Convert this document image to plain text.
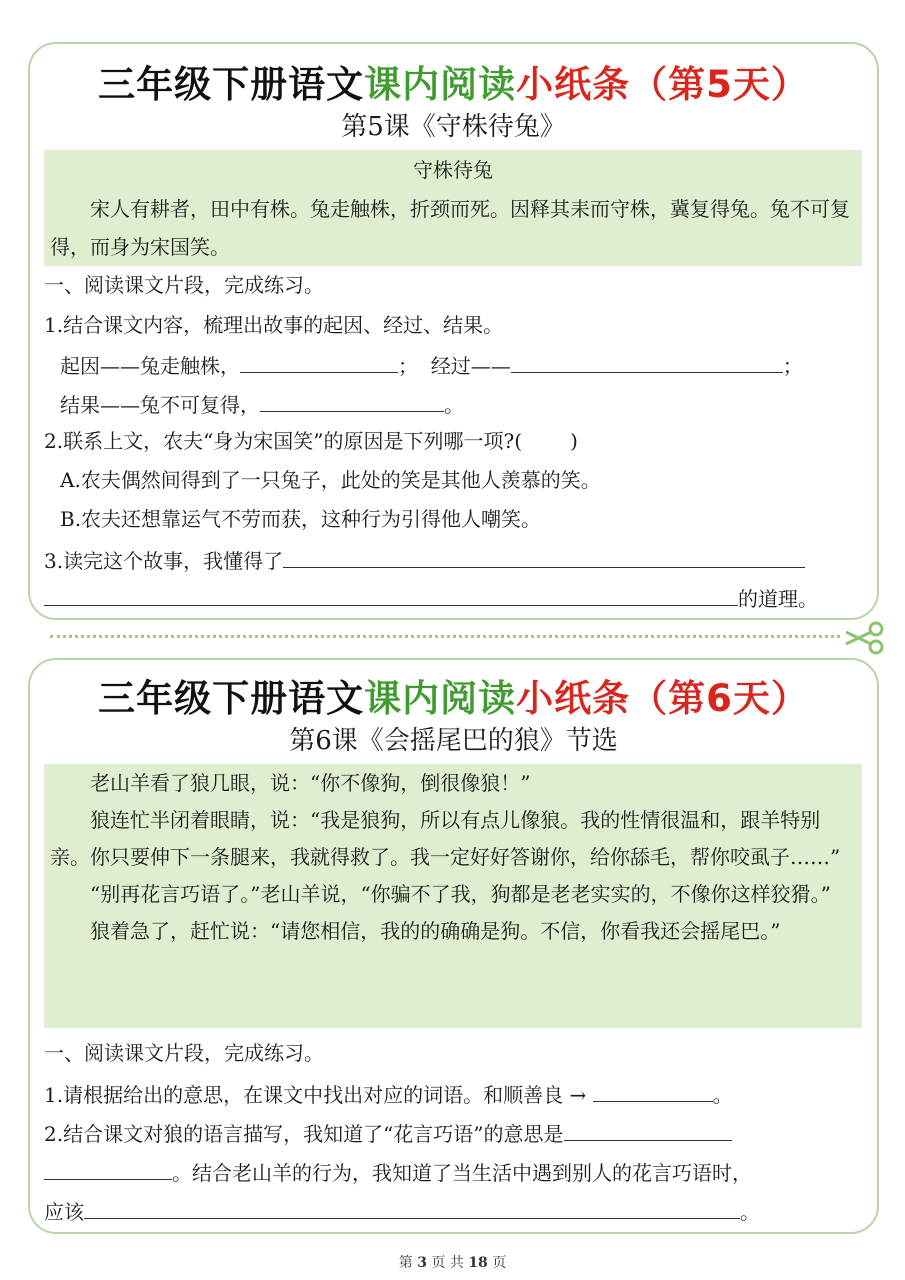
三年级下册语文课内阅读小纸条（第5天）
第5课《守株待兔》

守株待兔

宋人有耕者，田中有株。兔走触株，折颈而死。因释其耒而守株，冀复得兔。兔不可复得，而身为宋国笑。

一、阅读课文片段，完成练习。
1.结合课文内容，梳理出故事的起因、经过、结果。
起因——兔走触株，	； 经过——	；
结果——兔不可复得，	。
2.联系上文，农夫“身为宋国笑”的原因是下列哪一项?( )
A.农夫偶然间得到了一只兔子，此处的笑是其他人羡慕的笑。
B.农夫还想靠运气不劳而获，这种行为引得他人嘲笑。
3.读完这个故事，我懂得了
的道理。
三年级下册语文课内阅读小纸条（第6天）
第6课《会摇尾巴的狼》节选

老山羊看了狼几眼，说：“你不像狗，倒很像狼！”

狼连忙半闭着眼睛，说：“我是狼狗，所以有点儿像狼。我的性情很温和，跟羊特别亲。你只要伸下一条腿来，我就得救了。我一定好好答谢你，给你舔毛，帮你咬虱子……”

“别再花言巧语了。”老山羊说，“你骗不了我，狗都是老老实实的，不像你这样狡猾。”

狼着急了，赶忙说：“请您相信，我的的确确是狗。不信，你看我还会摇尾巴。”

一、阅读课文片段，完成练习。
1.请根据给出的意思，在课文中找出对应的词语。和顺善良 →	。
2.结合课文对狼的语言描写，我知道了“花言巧语”的意思是
。结合老山羊的行为，我知道了当生活中遇到别人的花言巧语时，
应该	。
第 3 页 共 18 页
